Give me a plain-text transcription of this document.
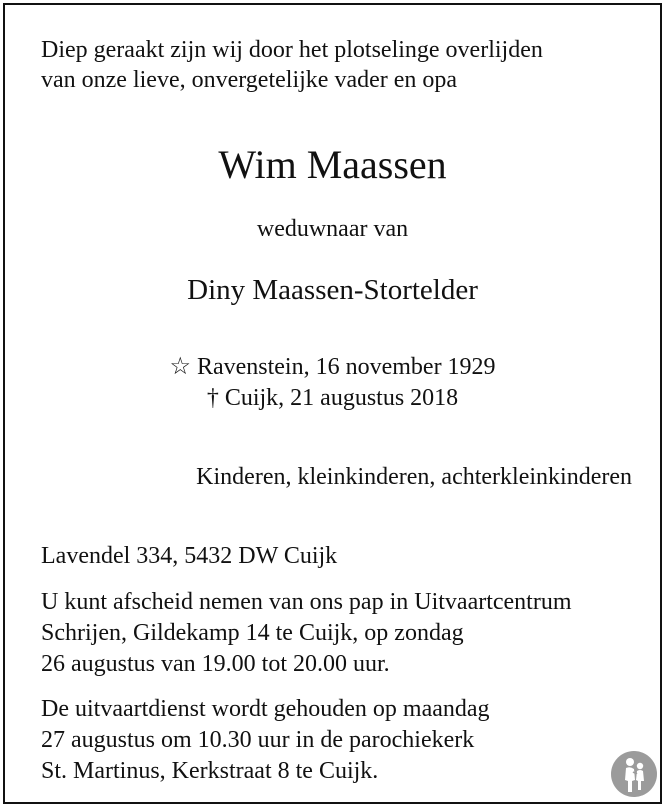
Diep geraakt zijn wij door het plotselinge overlijden
van onze lieve, onvergetelijke vader en opa
Wim Maassen
weduwnaar van
Diny Maassen-Stortelder
☆ Ravenstein, 16 november 1929
† Cuijk, 21 augustus 2018
Kinderen, kleinkinderen, achterkleinkinderen
Lavendel 334, 5432 DW Cuijk
U kunt afscheid nemen van ons pap in Uitvaartcentrum
Schrijen, Gildekamp 14 te Cuijk, op zondag
26 augustus van 19.00 tot 20.00 uur.
De uitvaartdienst wordt gehouden op maandag
27 augustus om 10.30 uur in de parochiekerk
St. Martinus, Kerkstraat 8 te Cuijk.
